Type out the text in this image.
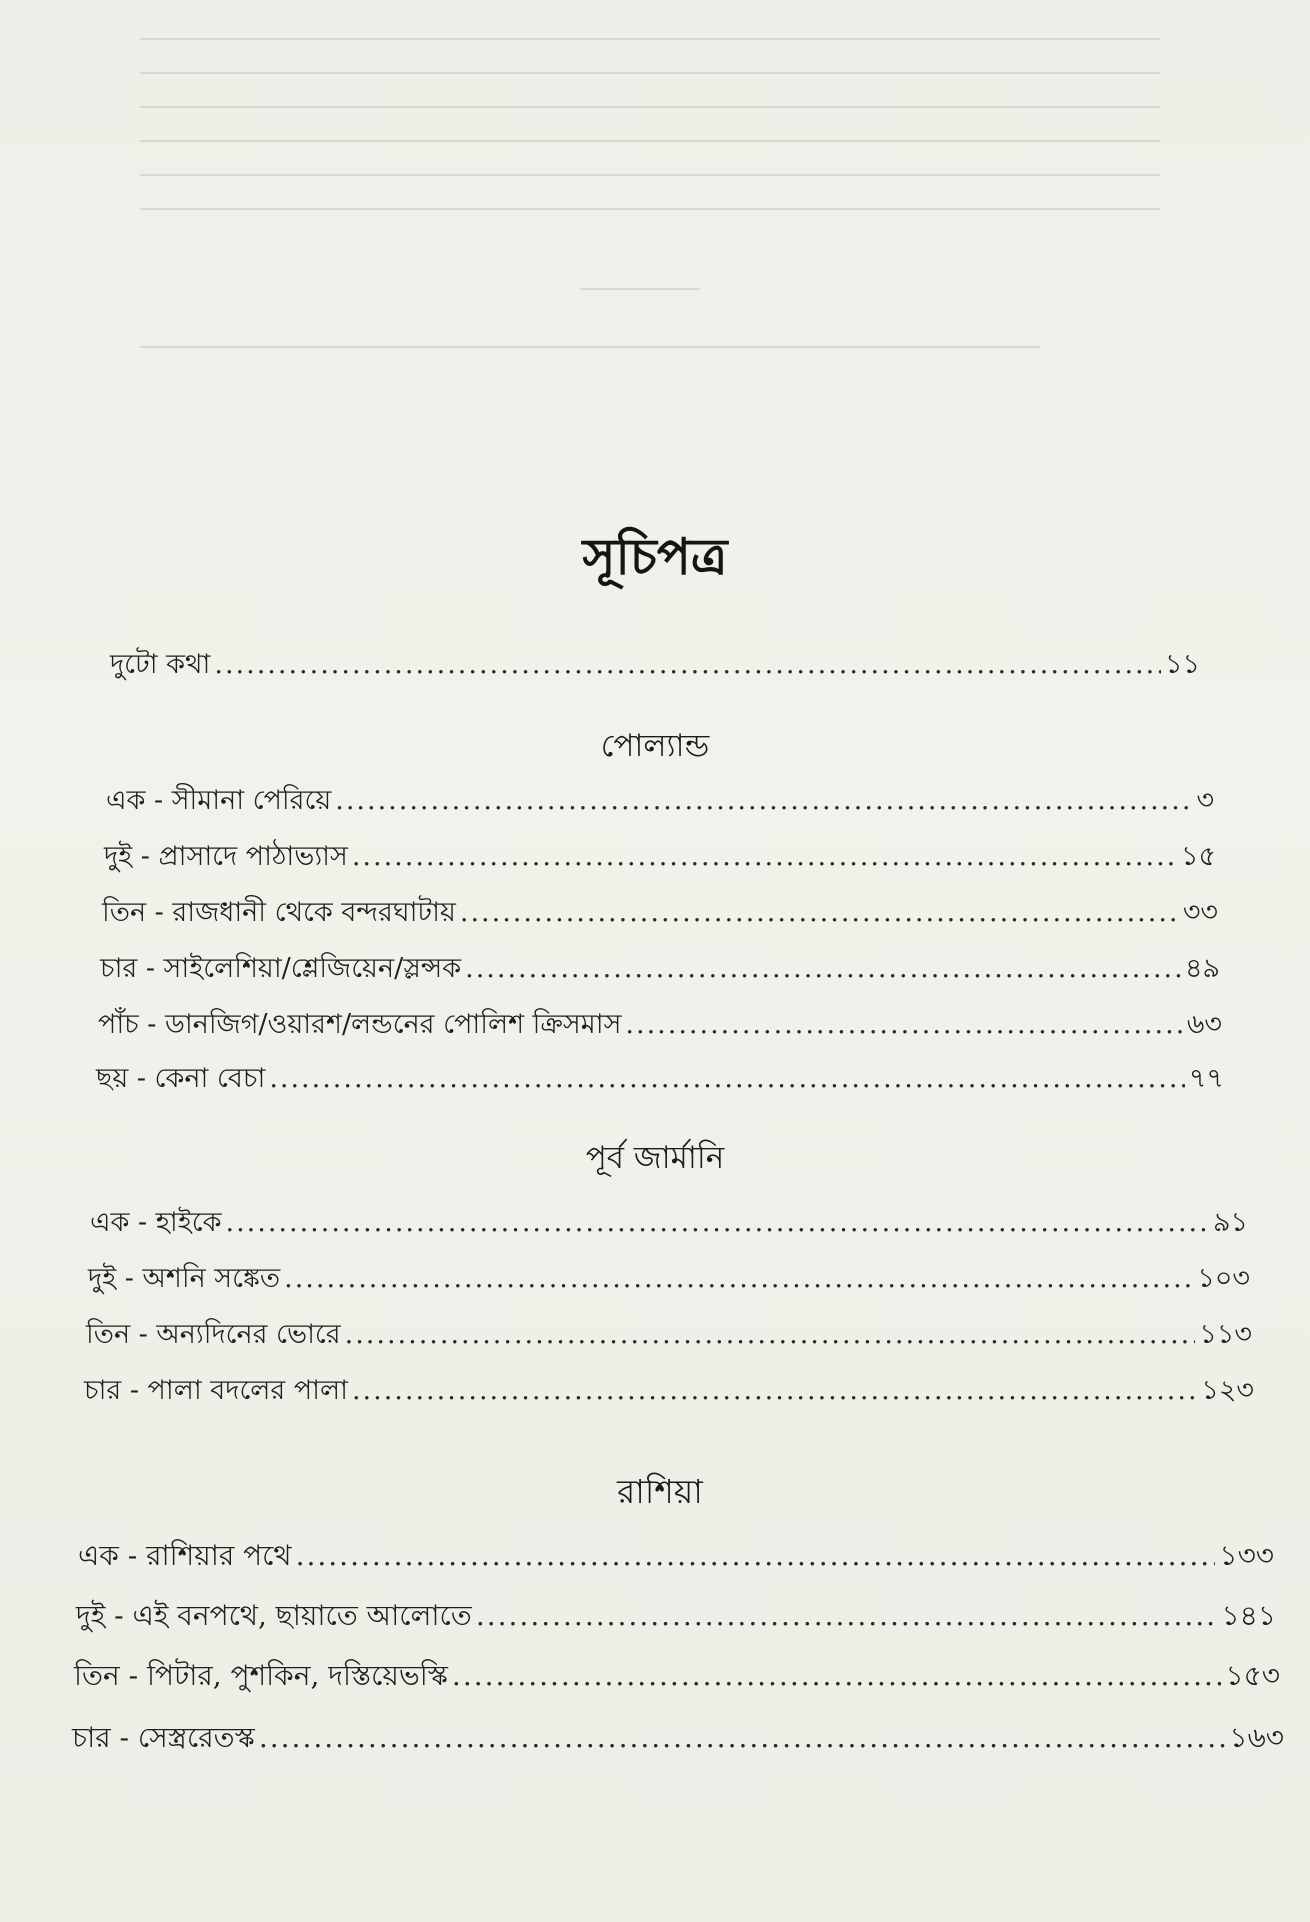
সূচিপত্র
দুটো কথা .....	১১
পোল্যান্ড
এক - সীমানা পেরিয়ে .....	৩
দুই - প্রাসাদে পাঠাভ্যাস .....	১৫
তিন - রাজধানী থেকে বন্দরঘাটায় .....	৩৩
চার - সাইলেশিয়া/শ্লেজিয়েন/স্লন্সক .....	৪৯
পাঁচ - ডানজিগ/ওয়ারশ/লন্ডনের পোলিশ ক্রিসমাস .....	৬৩
ছয় - কেনা বেচা .....	৭৭
পূর্ব জার্মানি
এক - হাইকে .....	৯১
দুই - অশনি সঙ্কেত .....	১০৩
তিন - অন্যদিনের ভোরে .....	১১৩
চার - পালা বদলের পালা .....	১২৩
রাশিয়া
এক - রাশিয়ার পথে .....	১৩৩
দুই - এই বনপথে, ছায়াতে আলোতে .....	১৪১
তিন - পিটার, পুশকিন, দস্তিয়েভস্কি .....	১৫৩
চার - সেস্ত্ররেতস্ক .....	১৬৩
